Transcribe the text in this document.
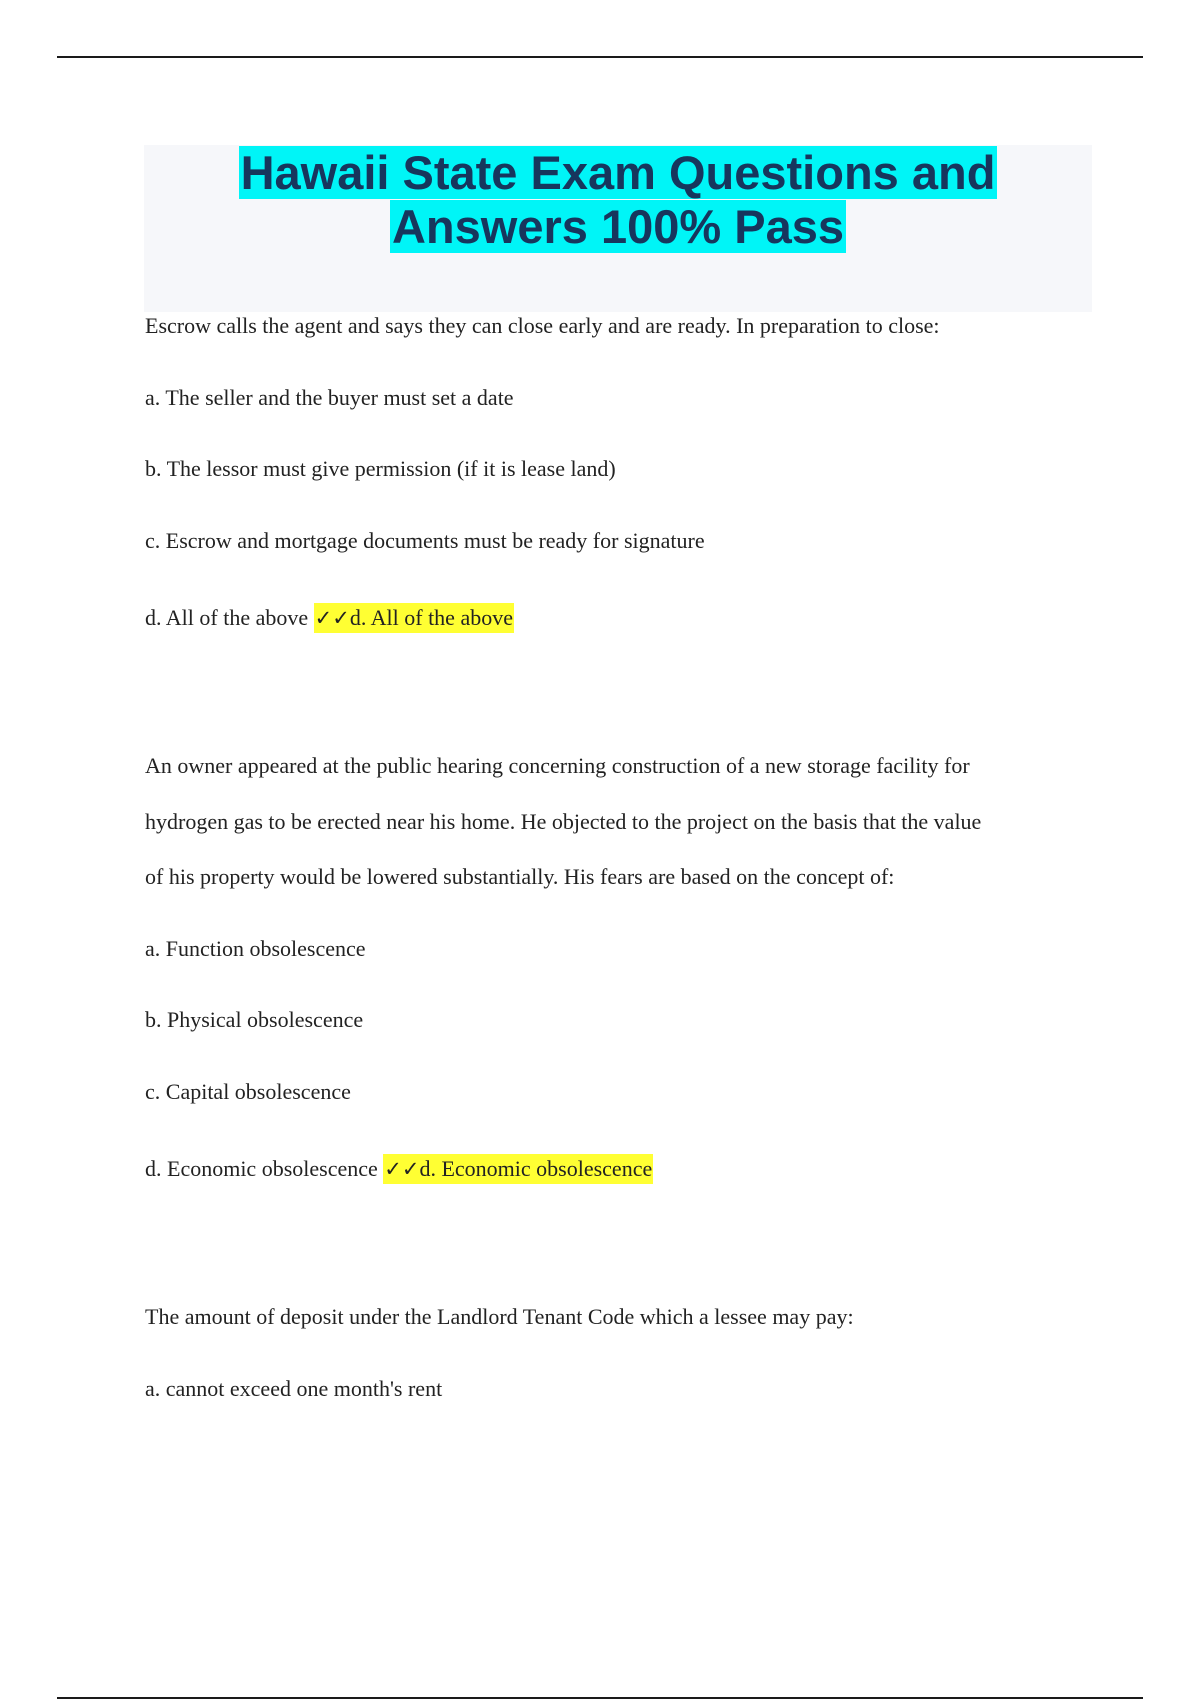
Hawaii State Exam Questions and
Answers 100% Pass
Escrow calls the agent and says they can close early and are ready. In preparation to close:
a. The seller and the buyer must set a date
b. The lessor must give permission (if it is lease land)
c. Escrow and mortgage documents must be ready for signature
d. All of the above ✓✓d. All of the above
An owner appeared at the public hearing concerning construction of a new storage facility for
hydrogen gas to be erected near his home. He objected to the project on the basis that the value
of his property would be lowered substantially. His fears are based on the concept of:
a. Function obsolescence
b. Physical obsolescence
c. Capital obsolescence
d. Economic obsolescence ✓✓d. Economic obsolescence
The amount of deposit under the Landlord Tenant Code which a lessee may pay:
a. cannot exceed one month's rent
